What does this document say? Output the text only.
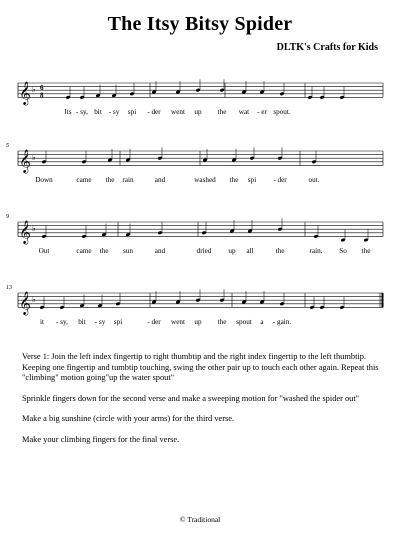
The Itsy Bitsy Spider
DLTK's Crafts for Kids
𝄞 ♭ 6
8
Its - sy, bit - sy spi - der went up the wat - er spout.
𝄞 ♭
5
Down	came the rain	and	washed the spi - der	out.
𝄞 ♭
9
Out	came the sun	and	dried up all	the	rain. So the
𝄞 ♭
13
it - sy, bit - sy spi	- der went up the spout a - gain.

Verse 1: Join the left index fingertip to right thumbtip and the right index fingertip to the left thumbtip. Keeping one fingertip and tumbtip touching, swing the other pair up to touch each other again. Repeat this "climbing" motion going"up the water spout"

Sprinkle fingers down for the second verse and make a sweeping motion for "washed the spider out"

Make a big sunshine (circle with your arms) for the third verse.

Make your climbing fingers for the final verse.

© Traditional
